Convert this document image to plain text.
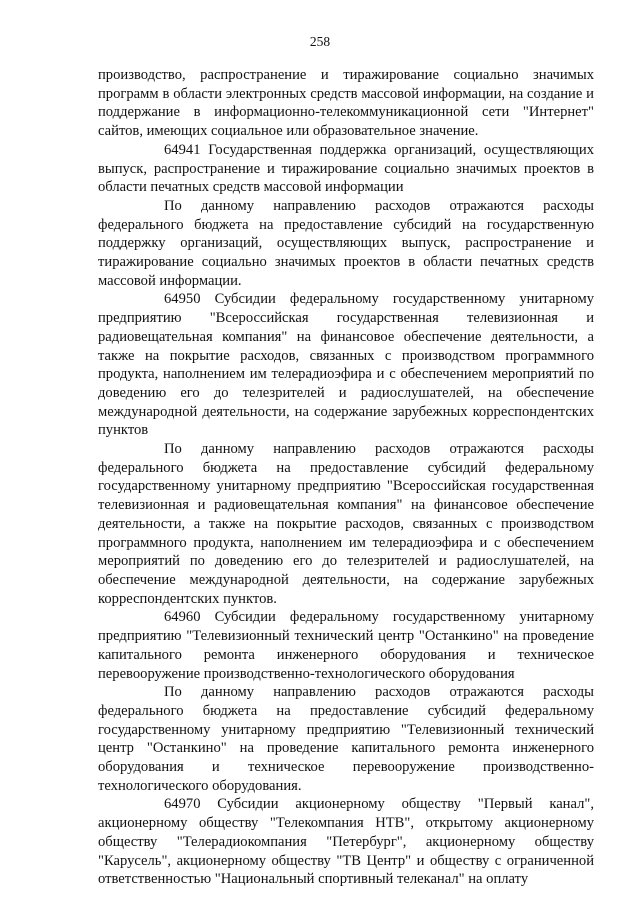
258

производство, распространение и тиражирование социально значимых программ в области электронных средств массовой информации, на создание и поддержание в информационно-телекоммуникационной сети "Интернет" сайтов, имеющих социальное или образовательное значение.

64941 Государственная поддержка организаций, осуществляющих выпуск, распространение и тиражирование социально значимых проектов в области печатных средств массовой информации

По данному направлению расходов отражаются расходы федерального бюджета на предоставление субсидий на государственную поддержку организаций, осуществляющих выпуск, распространение и тиражирование социально значимых проектов в области печатных средств массовой информации.

64950 Субсидии федеральному государственному унитарному предприятию "Всероссийская государственная телевизионная и радиовещательная компания" на финансовое обеспечение деятельности, а также на покрытие расходов, связанных с производством программного продукта, наполнением им телерадиоэфира и с обеспечением мероприятий по доведению его до телезрителей и радиослушателей, на обеспечение международной деятельности, на содержание зарубежных корреспондентских пунктов

По данному направлению расходов отражаются расходы федерального бюджета на предоставление субсидий федеральному государственному унитарному предприятию "Всероссийская государственная телевизионная и радиовещательная компания" на финансовое обеспечение деятельности, а также на покрытие расходов, связанных с производством программного продукта, наполнением им телерадиоэфира и с обеспечением мероприятий по доведению его до телезрителей и радиослушателей, на обеспечение международной деятельности, на содержание зарубежных корреспондентских пунктов.

64960 Субсидии федеральному государственному унитарному предприятию "Телевизионный технический центр "Останкино" на проведение капитального ремонта инженерного оборудования и техническое перевооружение производственно-технологического оборудования

По данному направлению расходов отражаются расходы федерального бюджета на предоставление субсидий федеральному государственному унитарному предприятию "Телевизионный технический центр "Останкино" на проведение капитального ремонта инженерного оборудования и техническое перевооружение производственно-технологического оборудования.

64970 Субсидии акционерному обществу "Первый канал", акционерному обществу "Телекомпания НТВ", открытому акционерному обществу "Телерадиокомпания "Петербург", акционерному обществу "Карусель", акционерному обществу "ТВ Центр" и обществу с ограниченной ответственностью "Национальный спортивный телеканал" на оплату
